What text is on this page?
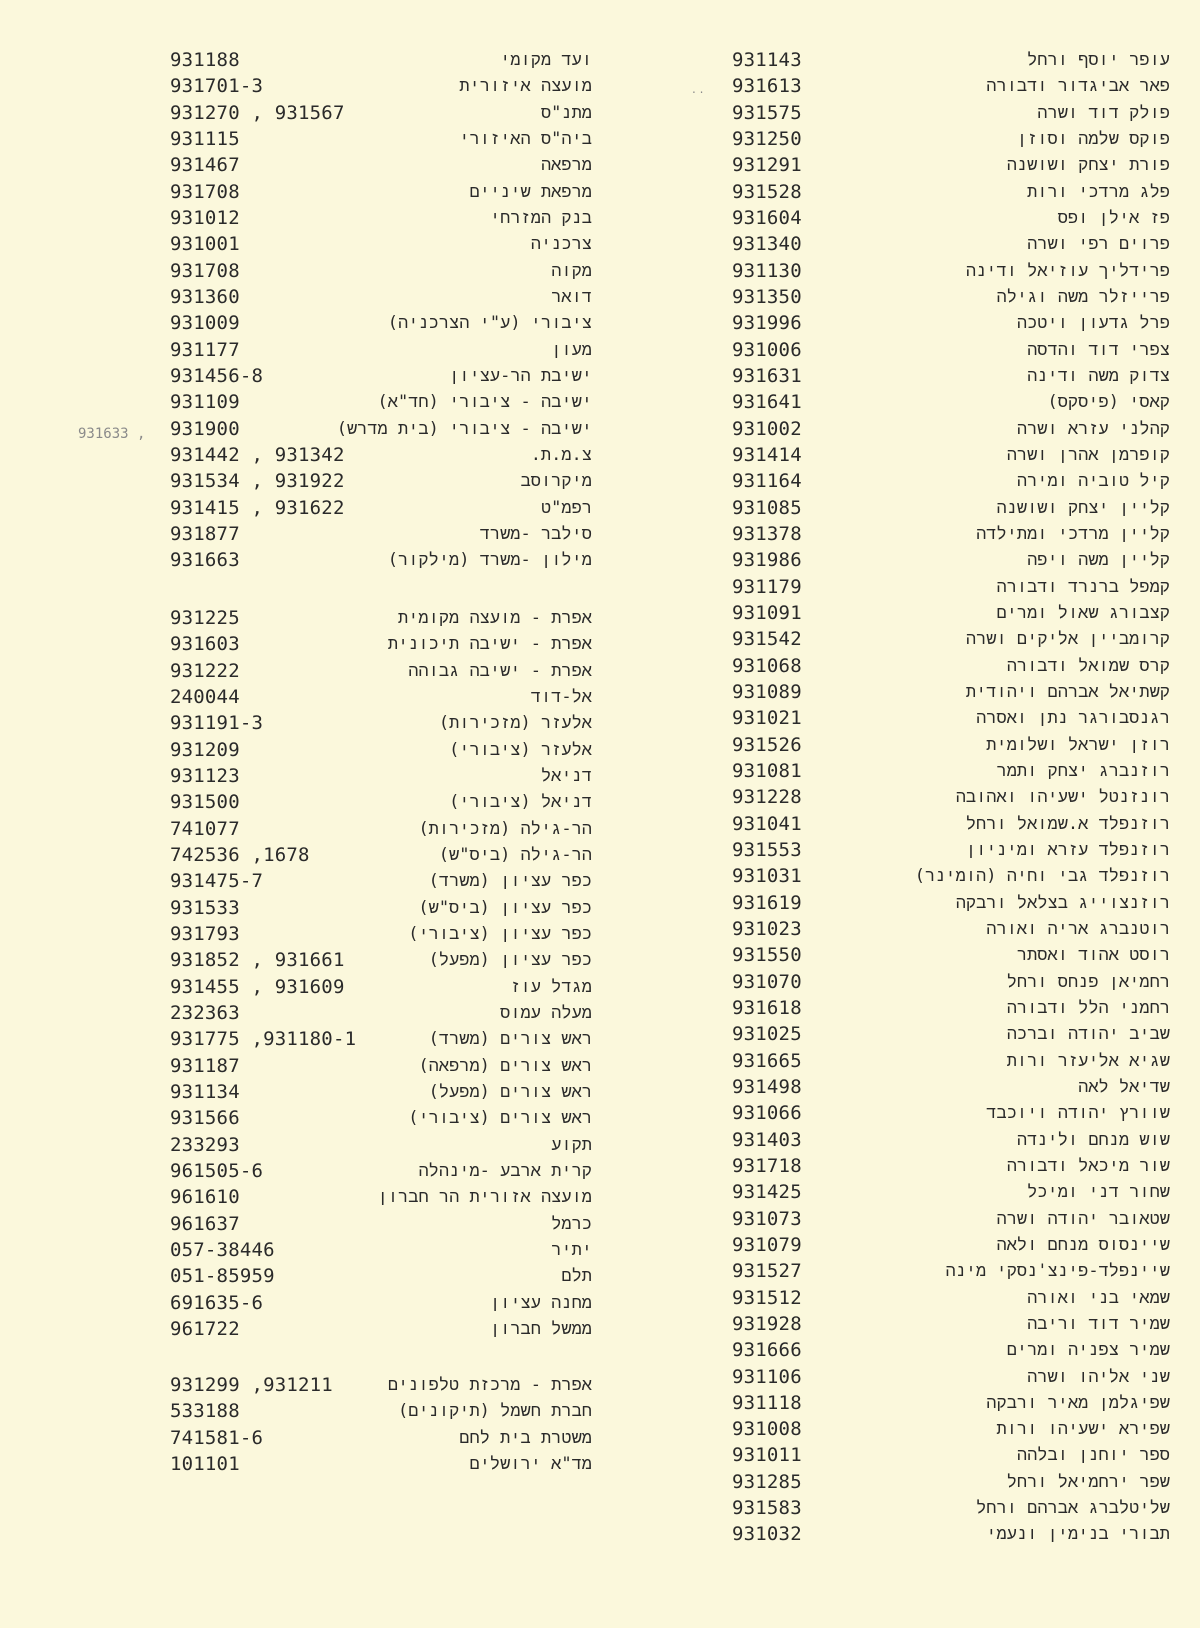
931633 ,
. .
עופר יוסף ורחל
931143
פאר אביגדור ודבורה
931613
פולק דוד ושרה
931575
פוקס שלמה וסוזן
931250
פורת יצחק ושושנה
931291
פלג מרדכי ורות
931528
פז אילן ופס
931604
פרוים רפי ושרה
931340
פרידליך עוזיאל ודינה
931130
פרייזלר משה וגילה
931350
פרל גדעון ויטכה
931996
צפרי דוד והדסה
931006
צדוק משה ודינה
931631
קאסי (פיסקס)
931641
קהלני עזרא ושרה
931002
קופרמן אהרן ושרה
931414
קיל טוביה ומירה
931164
קליין יצחק ושושנה
931085
קליין מרדכי ומתילדה
931378
קליין משה ויפה
931986
קמפל ברנרד ודבורה
931179
קצבורג שאול ומרים
931091
קרומביין אליקים ושרה
931542
קרס שמואל ודבורה
931068
קשתיאל אברהם ויהודית
931089
רגנסבורגר נתן ואסרה
931021
רוזן ישראל ושלומית
931526
רוזנברג יצחק ותמר
931081
רונזנטל ישעיהו ואהובה
931228
רוזנפלד א.שמואל ורחל
931041
רוזנפלד עזרא ומיניון
931553
רוזנפלד גבי וחיה (הומינר)
931031
רוזנצוייג בצלאל ורבקה
931619
רוטנברג אריה ואורה
931023
רוסט אהוד ואסתר
931550
רחמיאן פנחס ורחל
931070
רחמני הלל ודבורה
931618
שביב יהודה וברכה
931025
שגיא אליעזר ורות
931665
שדיאל לאה
931498
שוורץ יהודה ויוכבד
931066
שוש מנחם ולינדה
931403
שור מיכאל ודבורה
931718
שחור דני ומיכל
931425
שטאובר יהודה ושרה
931073
שיינסוס מנחם ולאה
931079
שיינפלד-פינצ'נסקי מינה
931527
שמאי בני ואורה
931512
שמיר דוד וריבה
931928
שמיר צפניה ומרים
931666
שני אליהו ושרה
931106
שפיגלמן מאיר ורבקה
931118
שפירא ישעיהו ורות
931008
ספר יוחנן ובלהה
931011
שפר ירחמיאל ורחל
931285
שליטלברג אברהם ורחל
931583
תבורי בנימין ונעמי
931032
ועד מקומי
931188
מועצה איזורית
931701-3
מתנ"ס
931270 , 931567
ביה"ס האיזורי
931115
מרפאה
931467
מרפאת שיניים
931708
בנק המזרחי
931012
צרכניה
931001
מקוה
931708
דואר
931360
ציבורי (ע"י הצרכניה)
931009
מעון
931177
ישיבת הר-עציון
931456-8
ישיבה - ציבורי (חד"א)
931109
ישיבה - ציבורי (בית מדרש)
931900
צ.מ.ת.
931442 , 931342
מיקרוסב
931534 , 931922
רפמ"ט
931415 , 931622
סילבר -משרד
931877
מילון -משרד (מילקור)
931663
אפרת - מועצה מקומית
931225
אפרת - ישיבה תיכונית
931603
אפרת - ישיבה גבוהה
931222
אל-דוד
240044
אלעזר (מזכירות)
931191-3
אלעזר (ציבורי)
931209
דניאל
931123
דניאל (ציבורי)
931500
הר-גילה (מזכירות)
741077
הר-גילה (ביס"ש)
742536 ,1678
כפר עציון (משרד)
931475-7
כפר עציון (ביס"ש)
931533
כפר עציון (ציבורי)
931793
כפר עציון (מפעל)
931852 , 931661
מגדל עוז
931455 , 931609
מעלה עמוס
232363
ראש צורים (משרד)
931775 ,931180-1
ראש צורים (מרפאה)
931187
ראש צורים (מפעל)
931134
ראש צורים (ציבורי)
931566
תקוע
233293
קרית ארבע -מינהלה
961505-6
מועצה אזורית הר חברון
961610
כרמל
961637
יתיר
057-38446
תלם
051-85959
מחנה עציון
691635-6
ממשל חברון
961722
אפרת - מרכזת טלפונים
931299 ,931211
חברת חשמל (תיקונים)
533188
משטרת בית לחם
741581-6
מד"א ירושלים
101101
